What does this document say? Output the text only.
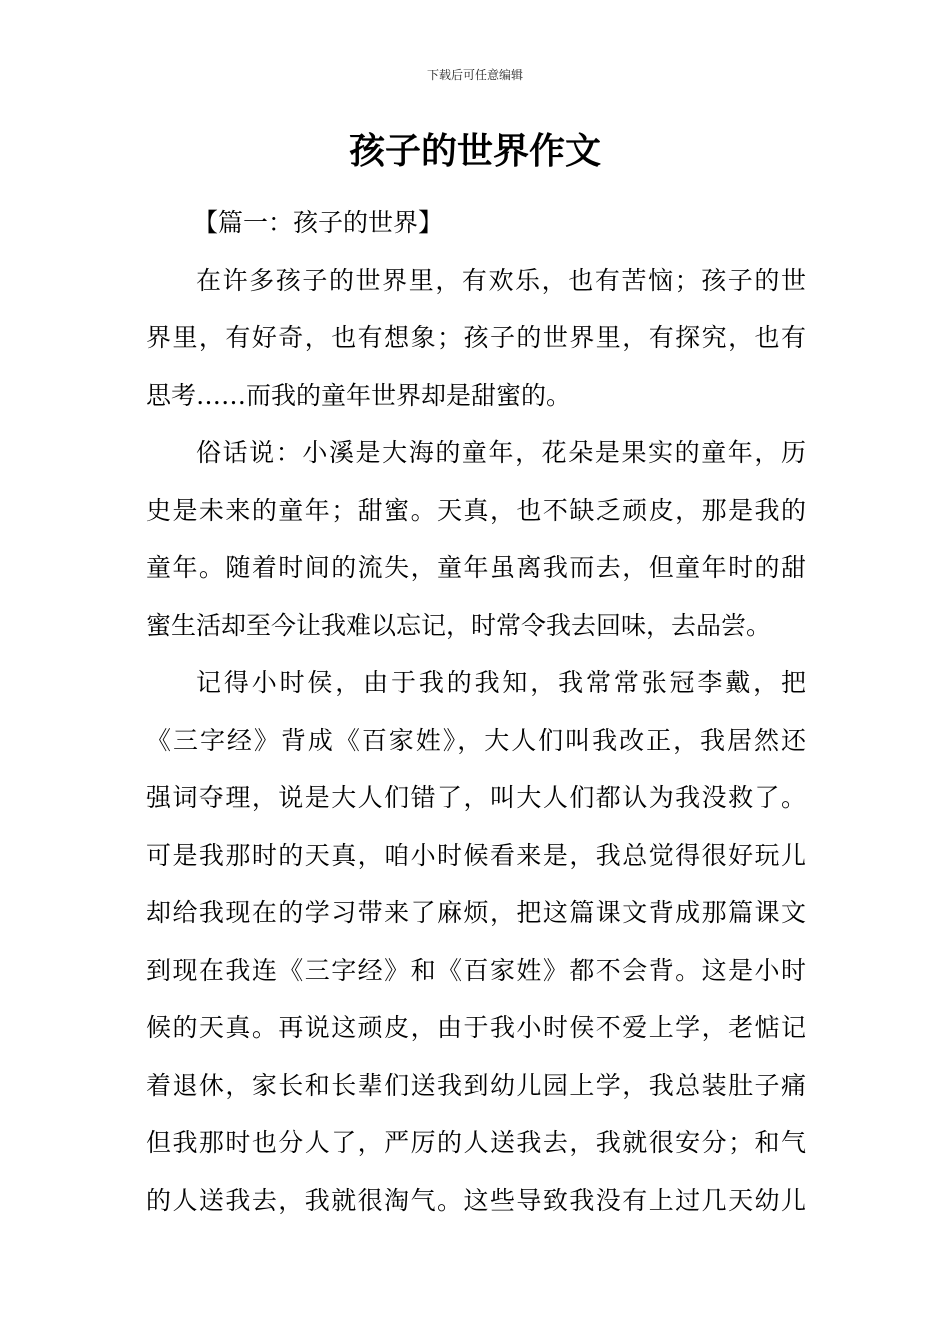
下载后可任意编辑
孩子的世界作文
【篇一：孩子的世界】
在许多孩子的世界里，有欢乐，也有苦恼；孩子的世
界里，有好奇，也有想象；孩子的世界里，有探究，也有
思考……而我的童年世界却是甜蜜的。
俗话说：小溪是大海的童年，花朵是果实的童年，历
史是未来的童年；甜蜜。天真，也不缺乏顽皮，那是我的
童年。随着时间的流失，童年虽离我而去，但童年时的甜
蜜生活却至今让我难以忘记，时常令我去回味，去品尝。
记得小时侯，由于我的我知，我常常张冠李戴，把
《三字经》背成《百家姓》，大人们叫我改正，我居然还
强词夺理，说是大人们错了，叫大人们都认为我没救了。
可是我那时的天真，咱小时候看来是，我总觉得很好玩儿
却给我现在的学习带来了麻烦，把这篇课文背成那篇课文
到现在我连《三字经》和《百家姓》都不会背。这是小时
候的天真。再说这顽皮，由于我小时侯不爱上学，老惦记
着退休，家长和长辈们送我到幼儿园上学，我总装肚子痛
但我那时也分人了，严厉的人送我去，我就很安分；和气
的人送我去，我就很淘气。这些导致我没有上过几天幼儿
